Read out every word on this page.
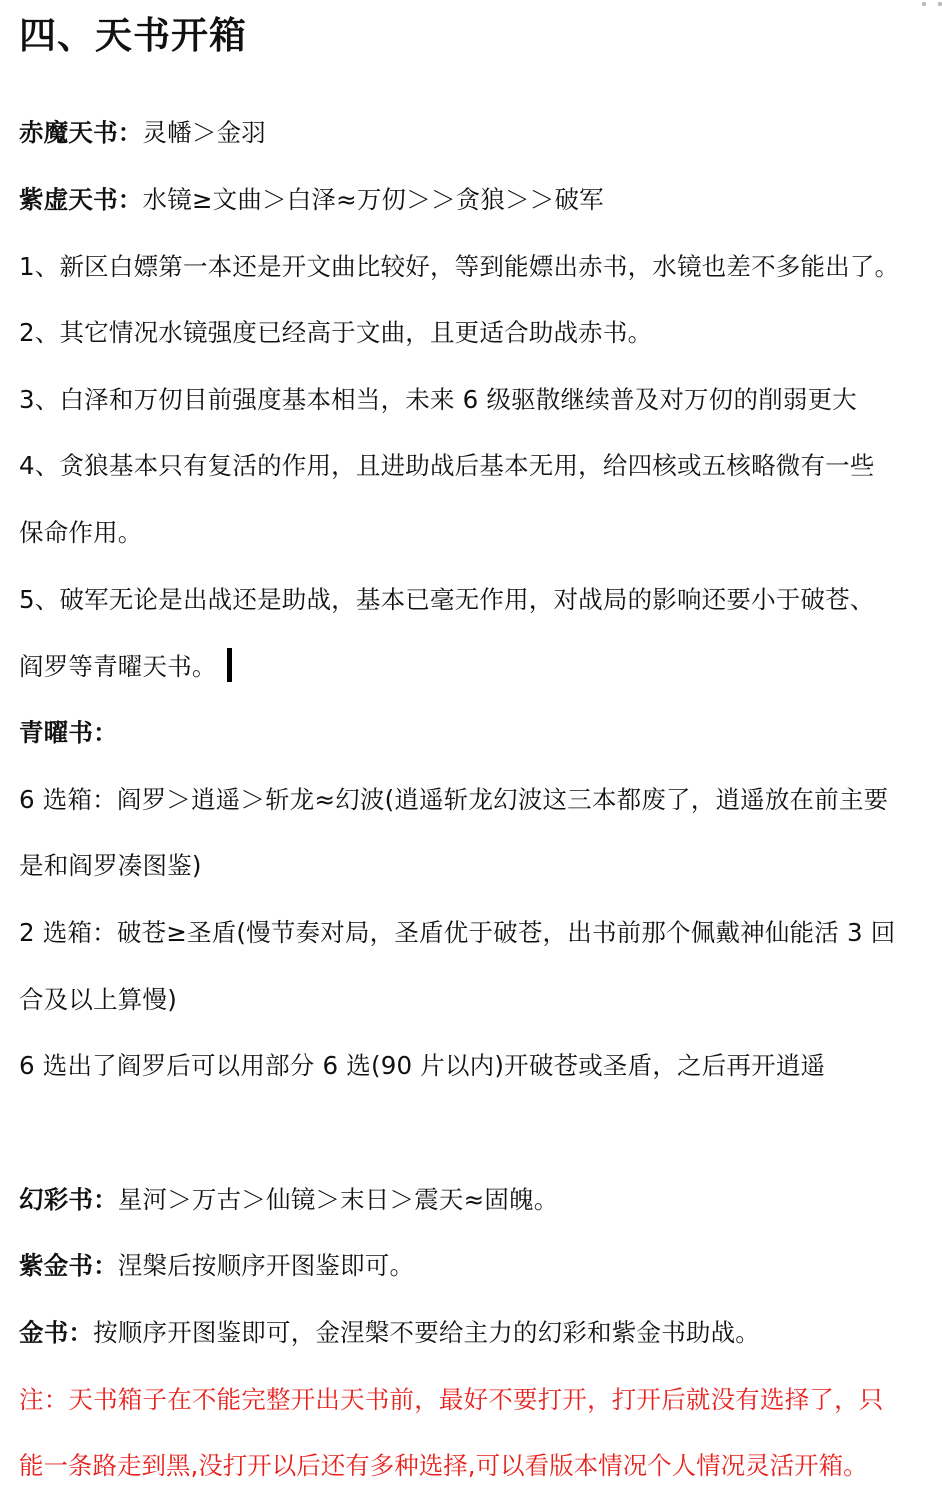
四、天书开箱
赤魔天书：灵幡＞金羽
紫虚天书：水镜≥文曲＞白泽≈万仞＞＞贪狼＞＞破军
1、新区白嫖第一本还是开文曲比较好，等到能嫖出赤书，水镜也差不多能出了。
2、其它情况水镜强度已经高于文曲，且更适合助战赤书。
3、白泽和万仞目前强度基本相当，未来 6 级驱散继续普及对万仞的削弱更大
4、贪狼基本只有复活的作用，且进助战后基本无用，给四核或五核略微有一些
保命作用。
5、破军无论是出战还是助战，基本已毫无作用，对战局的影响还要小于破苍、
阎罗等青曜天书。
青曜书：
6 选箱：阎罗＞逍遥＞斩龙≈幻波(逍遥斩龙幻波这三本都废了，逍遥放在前主要
是和阎罗凑图鉴)
2 选箱：破苍≥圣盾(慢节奏对局，圣盾优于破苍，出书前那个佩戴神仙能活 3 回
合及以上算慢)
6 选出了阎罗后可以用部分 6 选(90 片以内)开破苍或圣盾，之后再开逍遥
幻彩书：星河＞万古＞仙镜＞末日＞震天≈固魄。
紫金书：涅槃后按顺序开图鉴即可。
金书：按顺序开图鉴即可，金涅槃不要给主力的幻彩和紫金书助战。
注：天书箱子在不能完整开出天书前，最好不要打开，打开后就没有选择了，只
能一条路走到黑,没打开以后还有多种选择,可以看版本情况个人情况灵活开箱。
